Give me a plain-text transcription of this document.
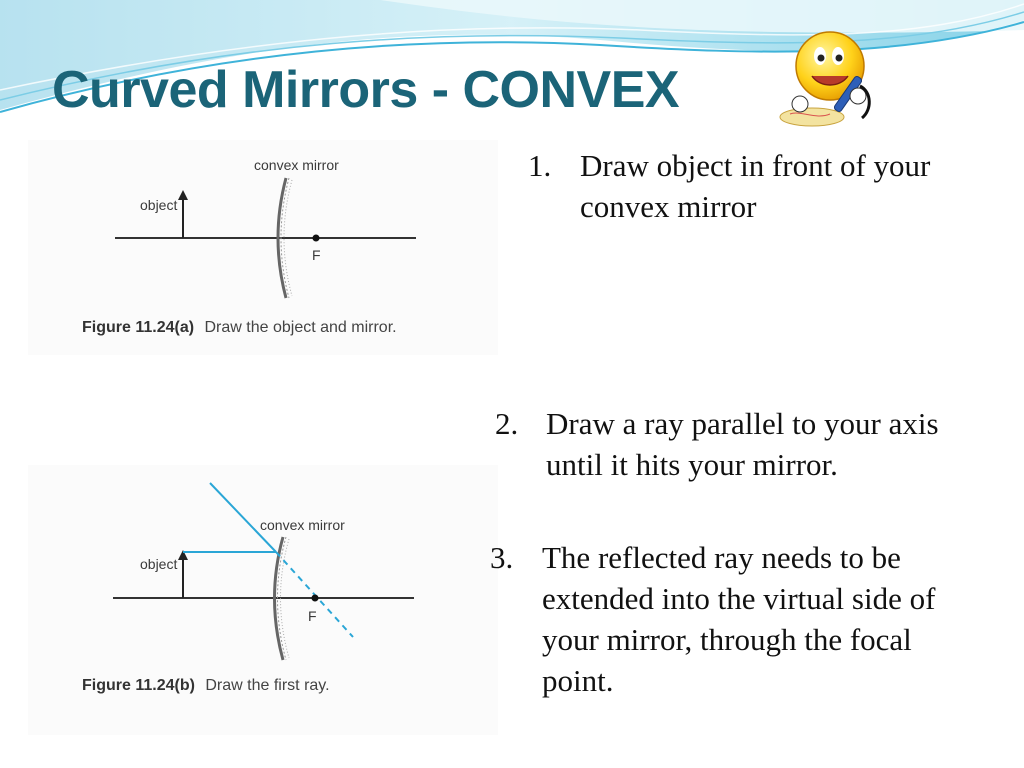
Curved Mirrors - CONVEX
convex mirror
object
F
Figure 11.24(a) Draw the object and mirror.
convex mirror
object
F
Figure 11.24(b) Draw the first ray.
1. Draw object in front of your convex mirror
2. Draw a ray parallel to your axis until it hits your mirror.
3. The reflected ray needs to be extended into the virtual side of your mirror, through the focal point.
